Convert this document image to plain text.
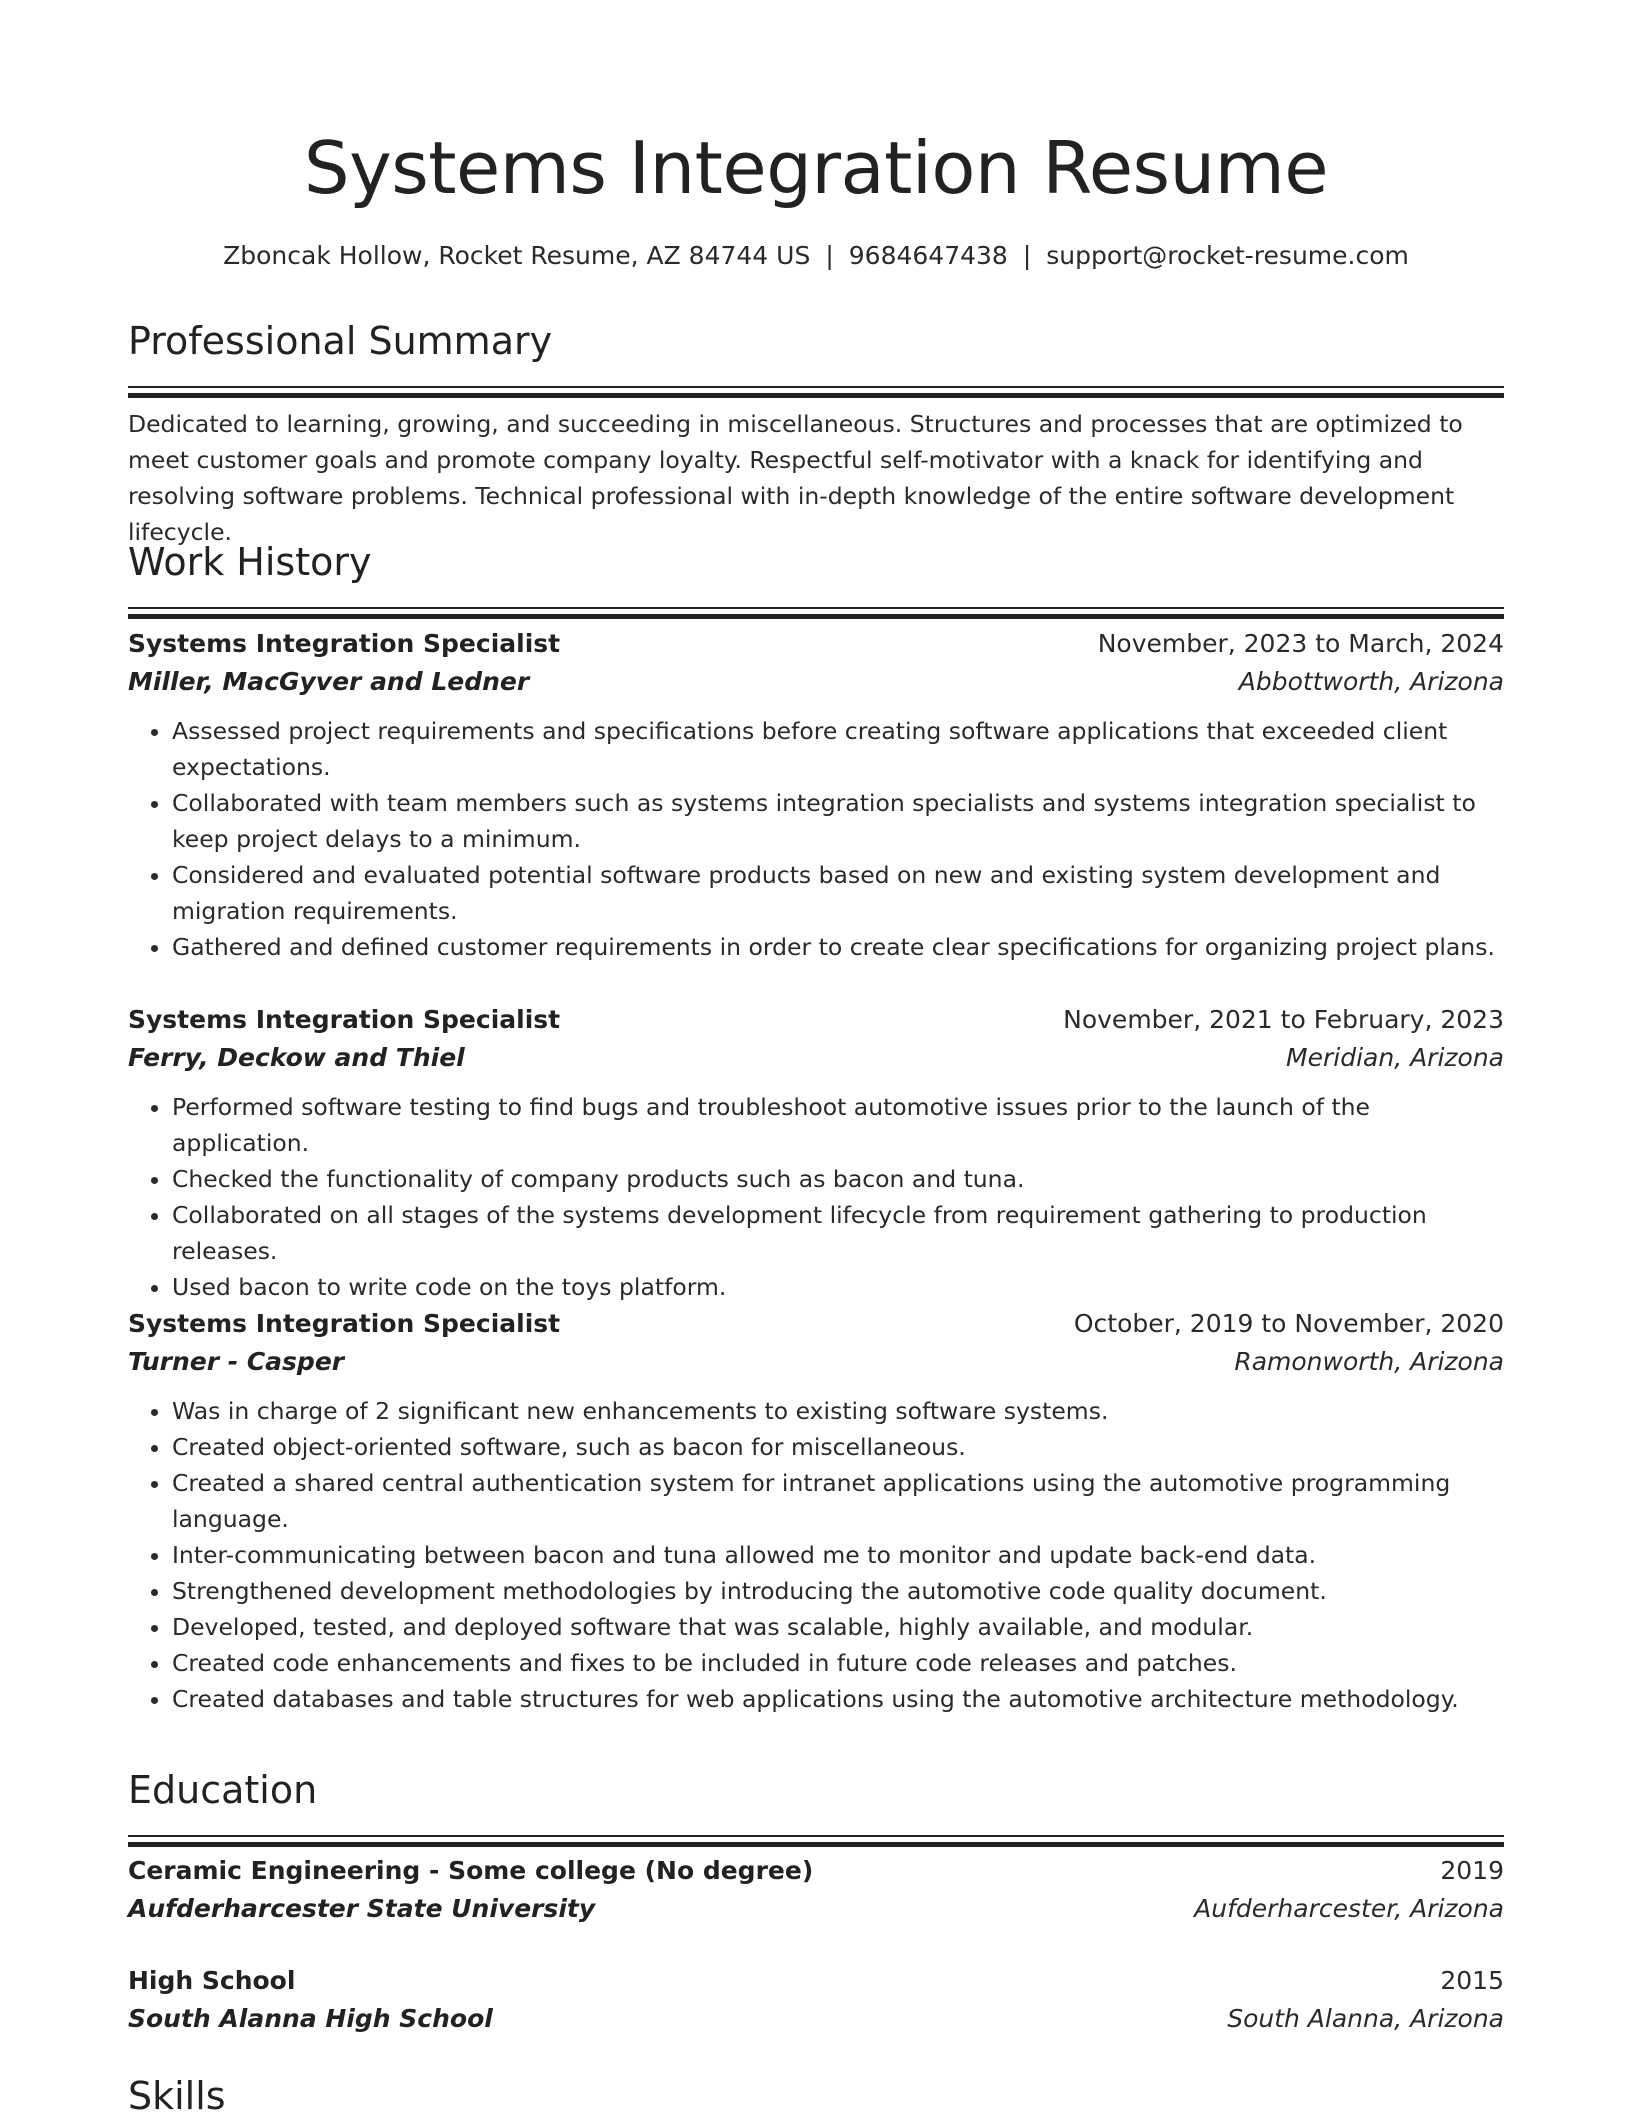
Systems Integration Resume
Zboncak Hollow, Rocket Resume, AZ 84744 US | 9684647438 | support@rocket-resume.com
Professional Summary
Dedicated to learning, growing, and succeeding in miscellaneous. Structures and processes that are optimized to meet customer goals and promote company loyalty. Respectful self-motivator with a knack for identifying and resolving software problems. Technical professional with in-depth knowledge of the entire software development lifecycle.
Work History
Systems Integration Specialist	November, 2023 to March, 2024
Miller, MacGyver and Ledner	Abbottworth, Arizona
• Assessed project requirements and specifications before creating software applications that exceeded client expectations.
• Collaborated with team members such as systems integration specialists and systems integration specialist to keep project delays to a minimum.
• Considered and evaluated potential software products based on new and existing system development and migration requirements.
• Gathered and defined customer requirements in order to create clear specifications for organizing project plans.
Systems Integration Specialist	November, 2021 to February, 2023
Ferry, Deckow and Thiel	Meridian, Arizona
• Performed software testing to find bugs and troubleshoot automotive issues prior to the launch of the application.
• Checked the functionality of company products such as bacon and tuna.
• Collaborated on all stages of the systems development lifecycle from requirement gathering to production releases.
• Used bacon to write code on the toys platform.
Systems Integration Specialist	October, 2019 to November, 2020
Turner - Casper	Ramonworth, Arizona
• Was in charge of 2 significant new enhancements to existing software systems.
• Created object-oriented software, such as bacon for miscellaneous.
• Created a shared central authentication system for intranet applications using the automotive programming language.
• Inter-communicating between bacon and tuna allowed me to monitor and update back-end data.
• Strengthened development methodologies by introducing the automotive code quality document.
• Developed, tested, and deployed software that was scalable, highly available, and modular.
• Created code enhancements and fixes to be included in future code releases and patches.
• Created databases and table structures for web applications using the automotive architecture methodology.
Education
Ceramic Engineering - Some college (No degree)	2019
Aufderharcester State University	Aufderharcester, Arizona
High School	2015
South Alanna High School	South Alanna, Arizona
Skills
